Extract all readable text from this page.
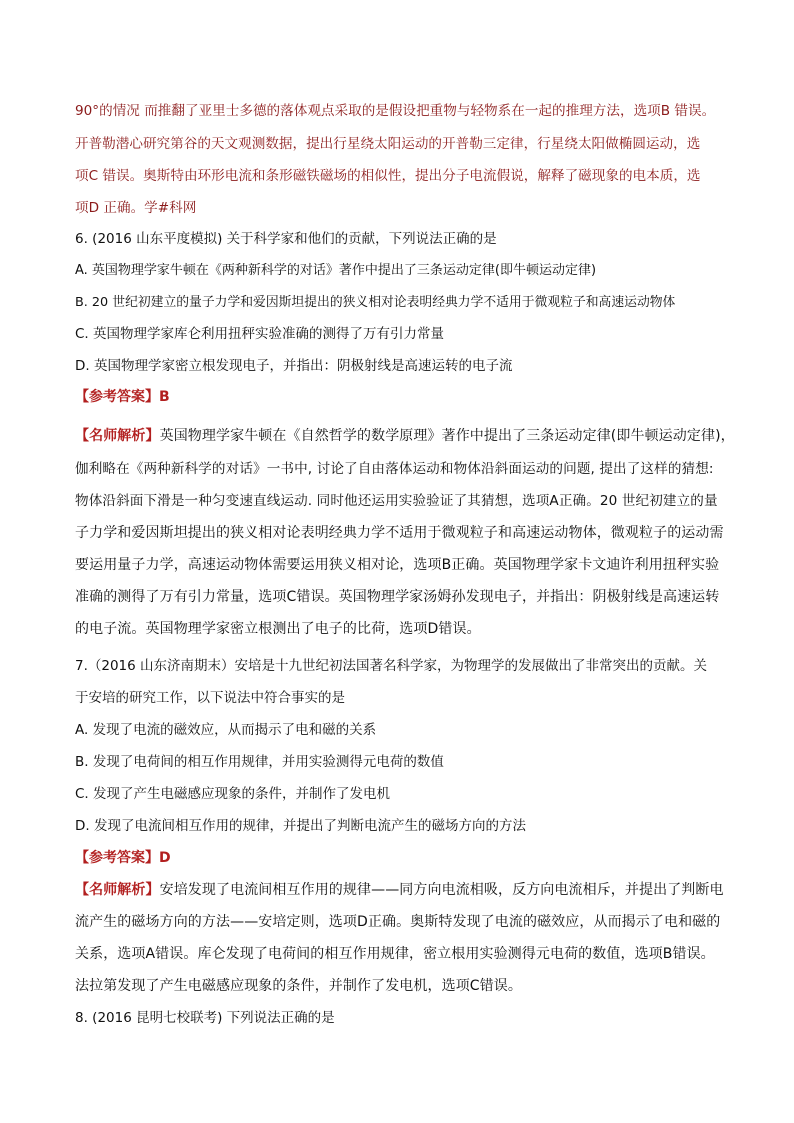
90°的情况 而推翻了亚里士多德的落体观点采取的是假设把重物与轻物系在一起的推理方法，选项B 错误。
开普勒潜心研究第谷的天文观测数据，提出行星绕太阳运动的开普勒三定律，行星绕太阳做椭圆运动，选
项C 错误。奥斯特由环形电流和条形磁铁磁场的相似性，提出分子电流假说，解释了磁现象的电本质，选
项D 正确。学#科网
6. (2016 山东平度模拟) 关于科学家和他们的贡献，下列说法正确的是
A. 英国物理学家牛顿在《两种新科学的对话》著作中提出了三条运动定律(即牛顿运动定律)
B. 20 世纪初建立的量子力学和爱因斯坦提出的狭义相对论表明经典力学不适用于微观粒子和高速运动物体
C. 英国物理学家库仑利用扭秤实验准确的测得了万有引力常量
D. 英国物理学家密立根发现电子，并指出：阴极射线是高速运转的电子流
【参考答案】B
【名师解析】英国物理学家牛顿在《自然哲学的数学原理》著作中提出了三条运动定律(即牛顿运动定律)，
伽利略在《两种新科学的对话》一书中, 讨论了自由落体运动和物体沿斜面运动的问题, 提出了这样的猜想:
物体沿斜面下滑是一种匀变速直线运动. 同时他还运用实验验证了其猜想，选项A正确。20 世纪初建立的量
子力学和爱因斯坦提出的狭义相对论表明经典力学不适用于微观粒子和高速运动物体，微观粒子的运动需
要运用量子力学，高速运动物体需要运用狭义相对论，选项B正确。英国物理学家卡文迪许利用扭秤实验
准确的测得了万有引力常量，选项C错误。英国物理学家汤姆孙发现电子，并指出：阴极射线是高速运转
的电子流。英国物理学家密立根测出了电子的比荷，选项D错误。
7.（2016 山东济南期末）安培是十九世纪初法国著名科学家，为物理学的发展做出了非常突出的贡献。关
于安培的研究工作，以下说法中符合事实的是
A. 发现了电流的磁效应，从而揭示了电和磁的关系
B. 发现了电荷间的相互作用规律，并用实验测得元电荷的数值
C. 发现了产生电磁感应现象的条件，并制作了发电机
D. 发现了电流间相互作用的规律，并提出了判断电流产生的磁场方向的方法
【参考答案】D
【名师解析】安培发现了电流间相互作用的规律——同方向电流相吸，反方向电流相斥，并提出了判断电
流产生的磁场方向的方法——安培定则，选项D正确。奥斯特发现了电流的磁效应，从而揭示了电和磁的
关系，选项A错误。库仑发现了电荷间的相互作用规律，密立根用实验测得元电荷的数值，选项B错误。
法拉第发现了产生电磁感应现象的条件，并制作了发电机，选项C错误。
8. (2016 昆明七校联考) 下列说法正确的是
